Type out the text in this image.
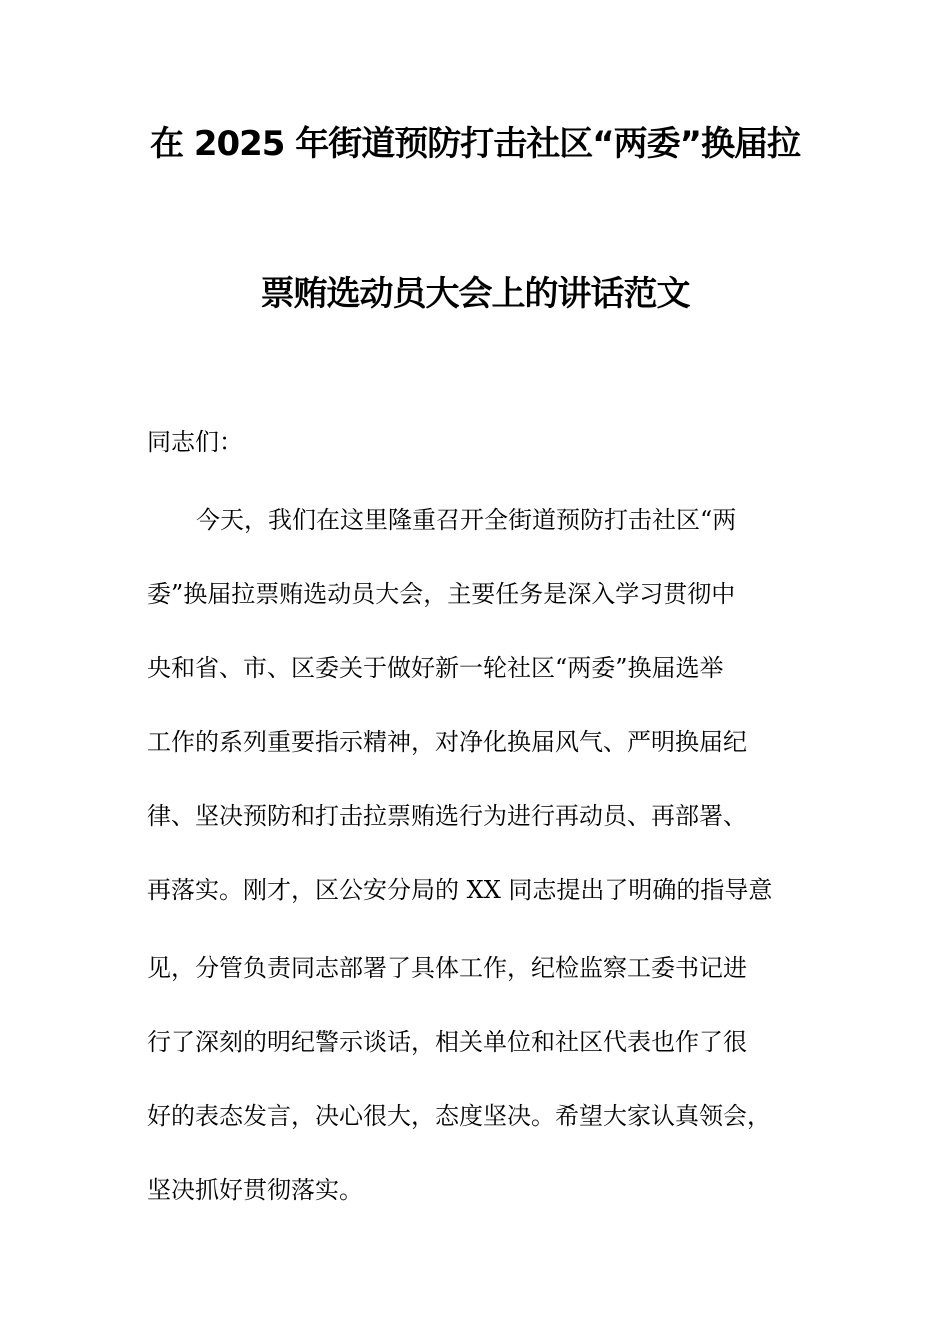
在 2025 年街道预防打击社区“两委”换届拉
票贿选动员大会上的讲话范文
同志们：
今天，我们在这里隆重召开全街道预防打击社区“两
委”换届拉票贿选动员大会，主要任务是深入学习贯彻中
央和省、市、区委关于做好新一轮社区“两委”换届选举
工作的系列重要指示精神，对净化换届风气、严明换届纪
律、坚决预防和打击拉票贿选行为进行再动员、再部署、
再落实。刚才，区公安分局的 XX 同志提出了明确的指导意
见，分管负责同志部署了具体工作，纪检监察工委书记进
行了深刻的明纪警示谈话，相关单位和社区代表也作了很
好的表态发言，决心很大，态度坚决。希望大家认真领会，
坚决抓好贯彻落实。
